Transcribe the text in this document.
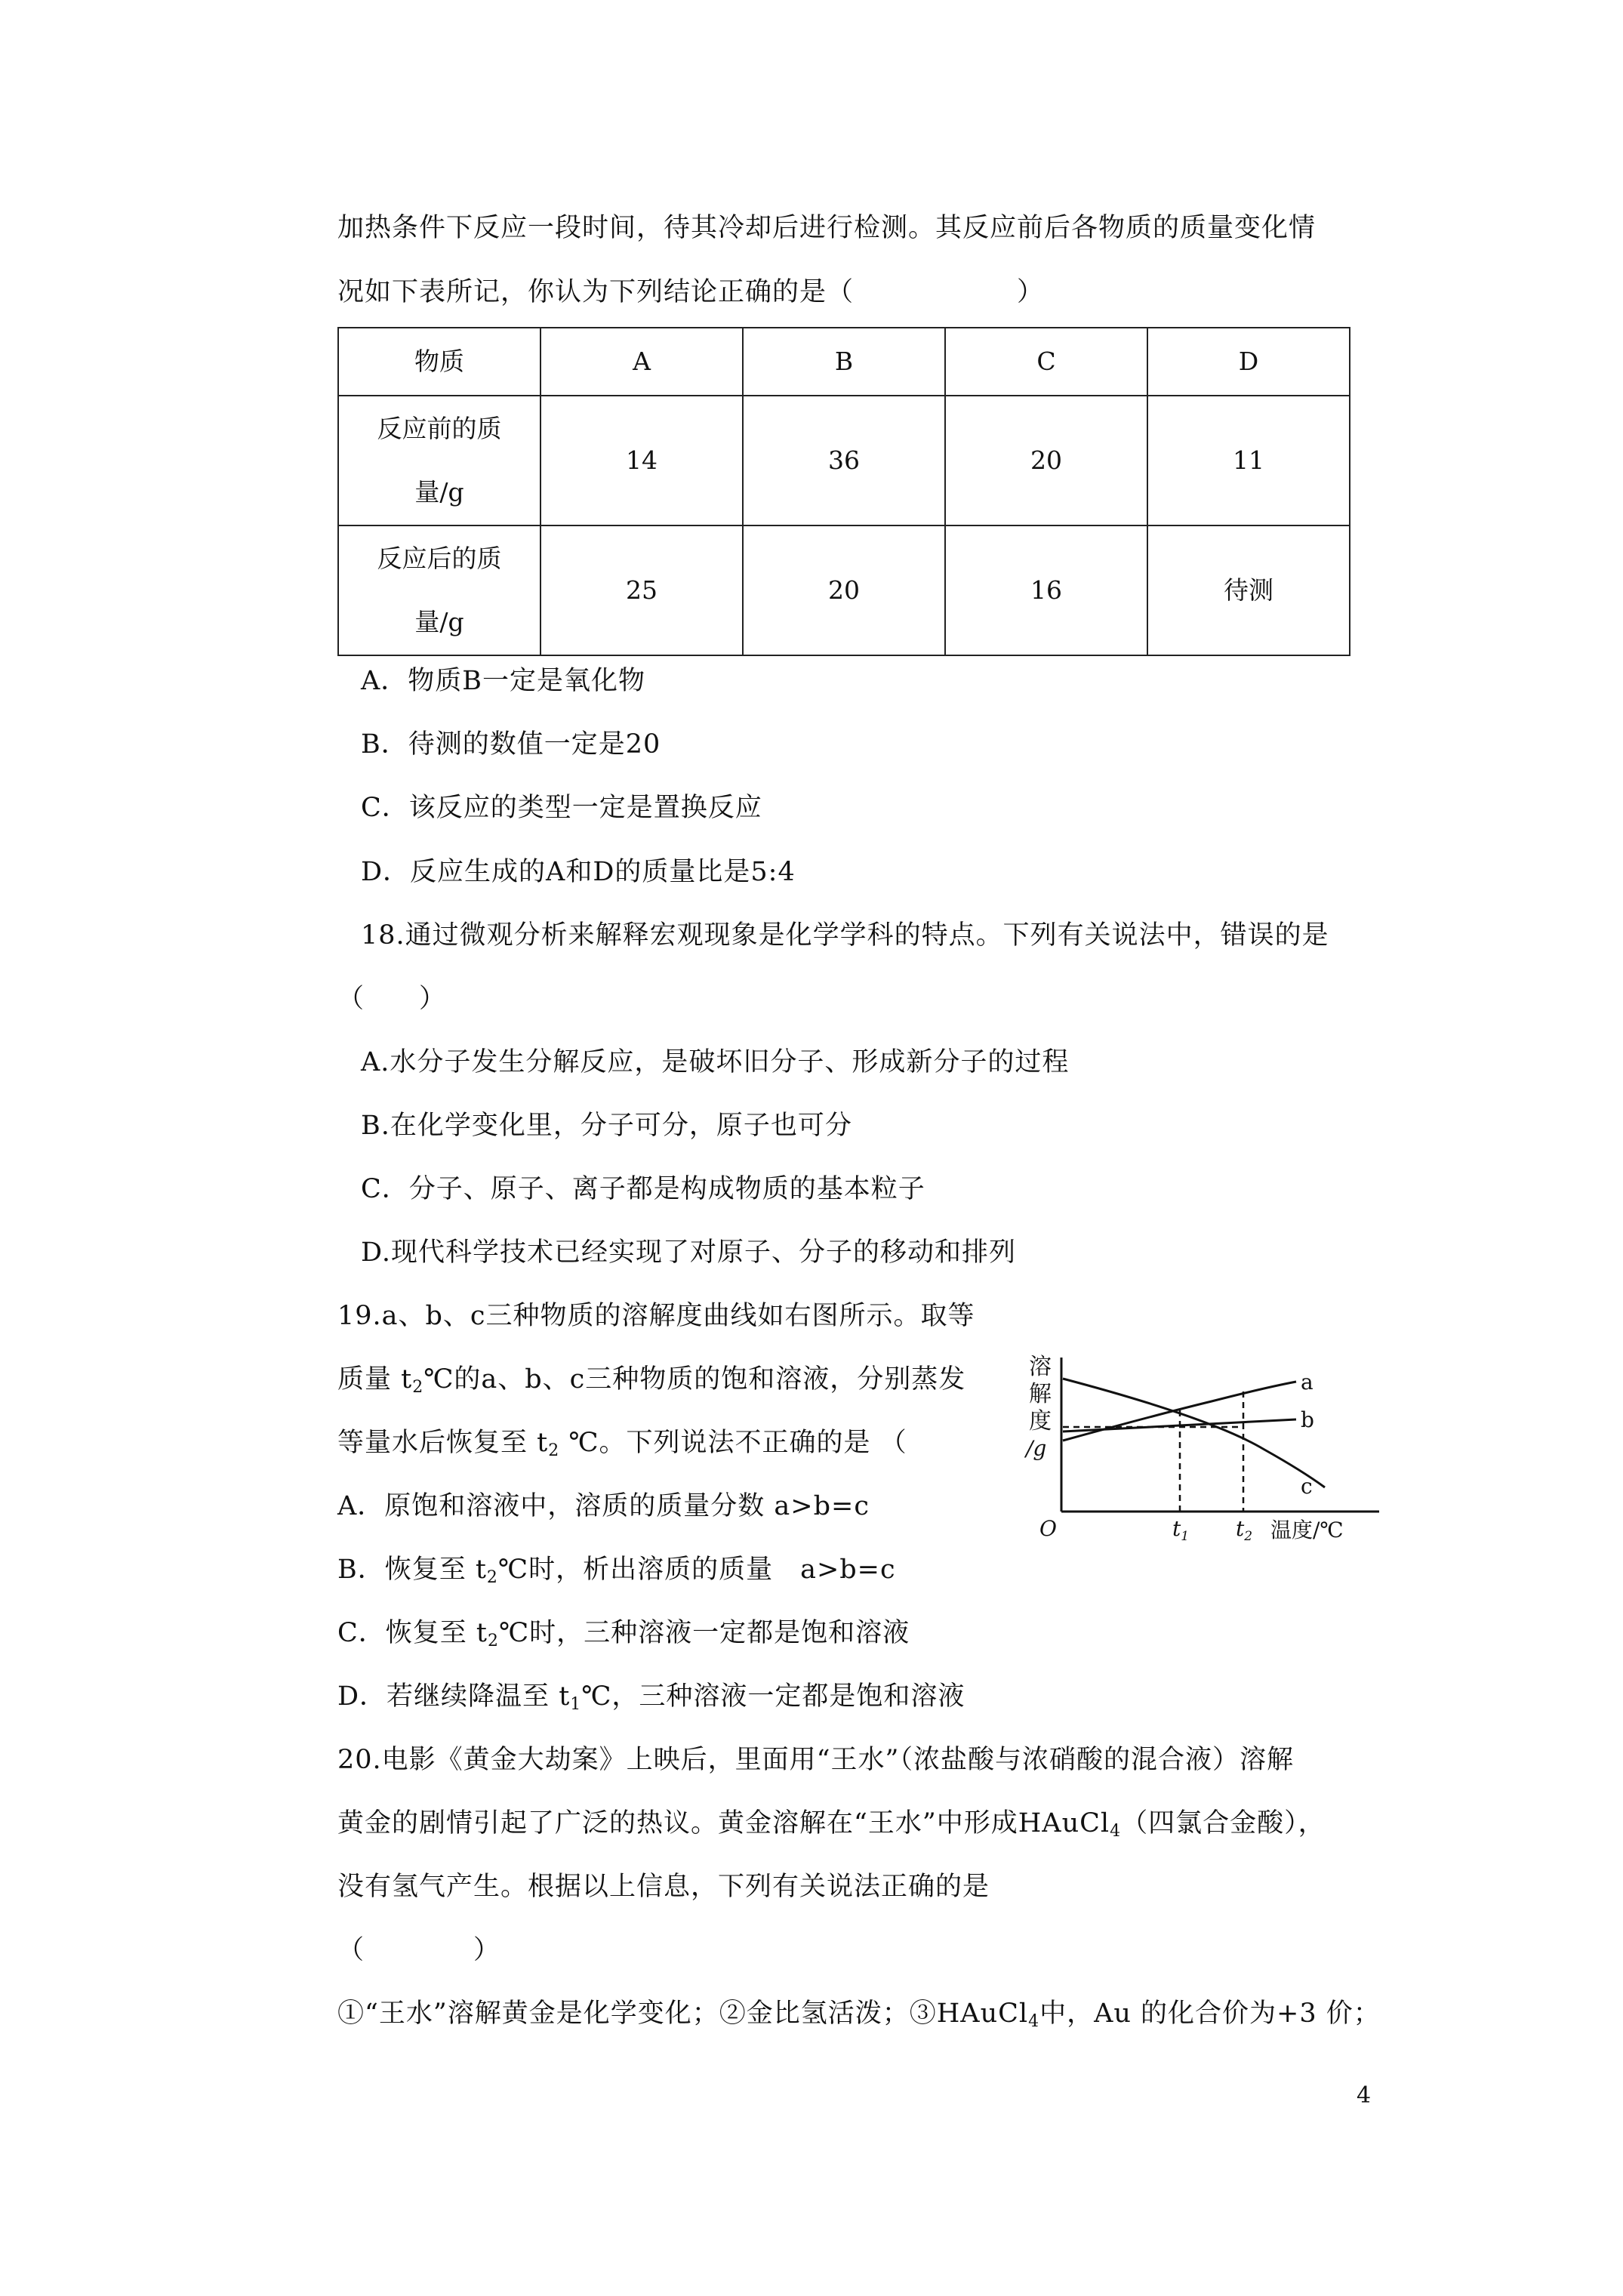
加热条件下反应一段时间，待其冷却后进行检测。其反应前后各物质的质量变化情
况如下表所记，你认为下列结论正确的是（　　　　　　）
物质	A	B	C	D
反应前的质
量/g	14	36	20	11
反应后的质
量/g	25	20	16	待测
A．物质B一定是氧化物
B．待测的数值一定是20
C．该反应的类型一定是置换反应
D．反应生成的A和D的质量比是5:4
18.通过微观分析来解释宏观现象是化学学科的特点。下列有关说法中，错误的是
（　　）
A.水分子发生分解反应，是破坏旧分子、形成新分子的过程
B.在化学变化里，分子可分，原子也可分
C．分子、原子、离子都是构成物质的基本粒子
D.现代科学技术已经实现了对原子、分子的移动和排列
19.a、b、c三种物质的溶解度曲线如右图所示。取等
质量 $t_2℃$的a、b、c三种物质的饱和溶液，分别蒸发
等量水后恢复至 $t_2$ ℃。下列说法不正确的是 （
A．原饱和溶液中，溶质的质量分数 a>b=c
B．恢复至 $t_2℃$时，析出溶质的质量　a>b=c
C．恢复至 $t_2℃$时，三种溶液一定都是饱和溶液
D．若继续降温至 $t_1℃$，三种溶液一定都是饱和溶液
溶
解
度
/g
a
b
c
O	$t_1$ $t_2$ 温度/℃
20.电影《黄金大劫案》上映后，里面用“王水”（浓盐酸与浓硝酸的混合液）溶解
黄金的剧情引起了广泛的热议。黄金溶解在“王水”中形成HAuCl$_4$（四氯合金酸），
没有氢气产生。根据以上信息，下列有关说法正确的是
（　　　　）
①“王水”溶解黄金是化学变化；②金比氢活泼；③HAuCl$_4$中，Au 的化合价为+3 价；
4
